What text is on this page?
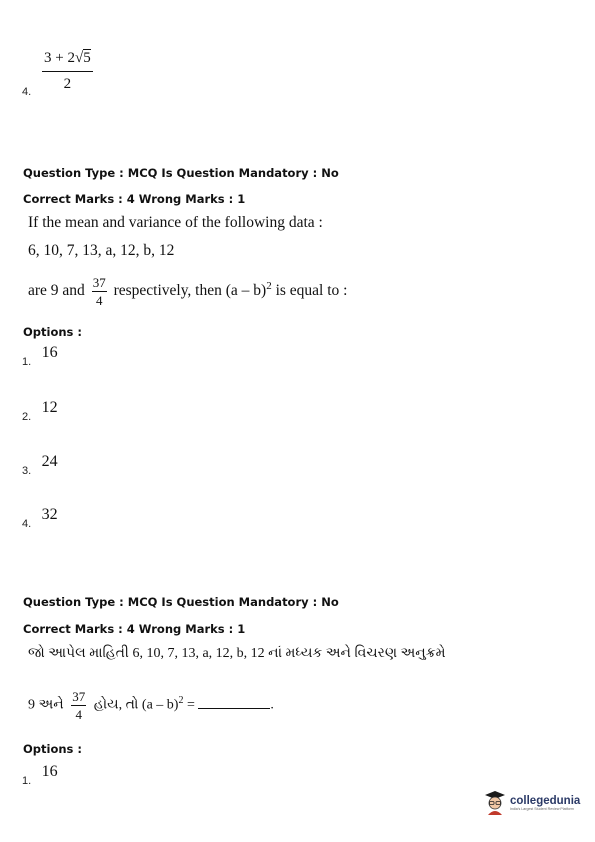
4. $\frac{3 + 2√5}{2}$
Question Type : MCQ Is Question Mandatory : No
Correct Marks : 4 Wrong Marks : 1
If the mean and variance of the following data :
6, 10, 7, 13, a, 12, b, 12
are 9 and $\frac{37}{4}$ respectively, then (a – b)$^2$ is equal to :
Options :
$_{1.}$ 16
$_{2.}$ 12
$_{3.}$ 24
$_{4.}$ 32
Question Type : MCQ Is Question Mandatory : No
Correct Marks : 4 Wrong Marks : 1
જો આપેલ માહિતી 6, 10, 7, 13, a, 12, b, 12 નાં મધ્યક અને વિચરણ અનુક્રમે
9 અને $\frac{37}{4}$ હોય, તો (a – b)$^2$ =	.
Options :
$_{1.}$ 16
collegedunia
India's Largest Student Review Platform
